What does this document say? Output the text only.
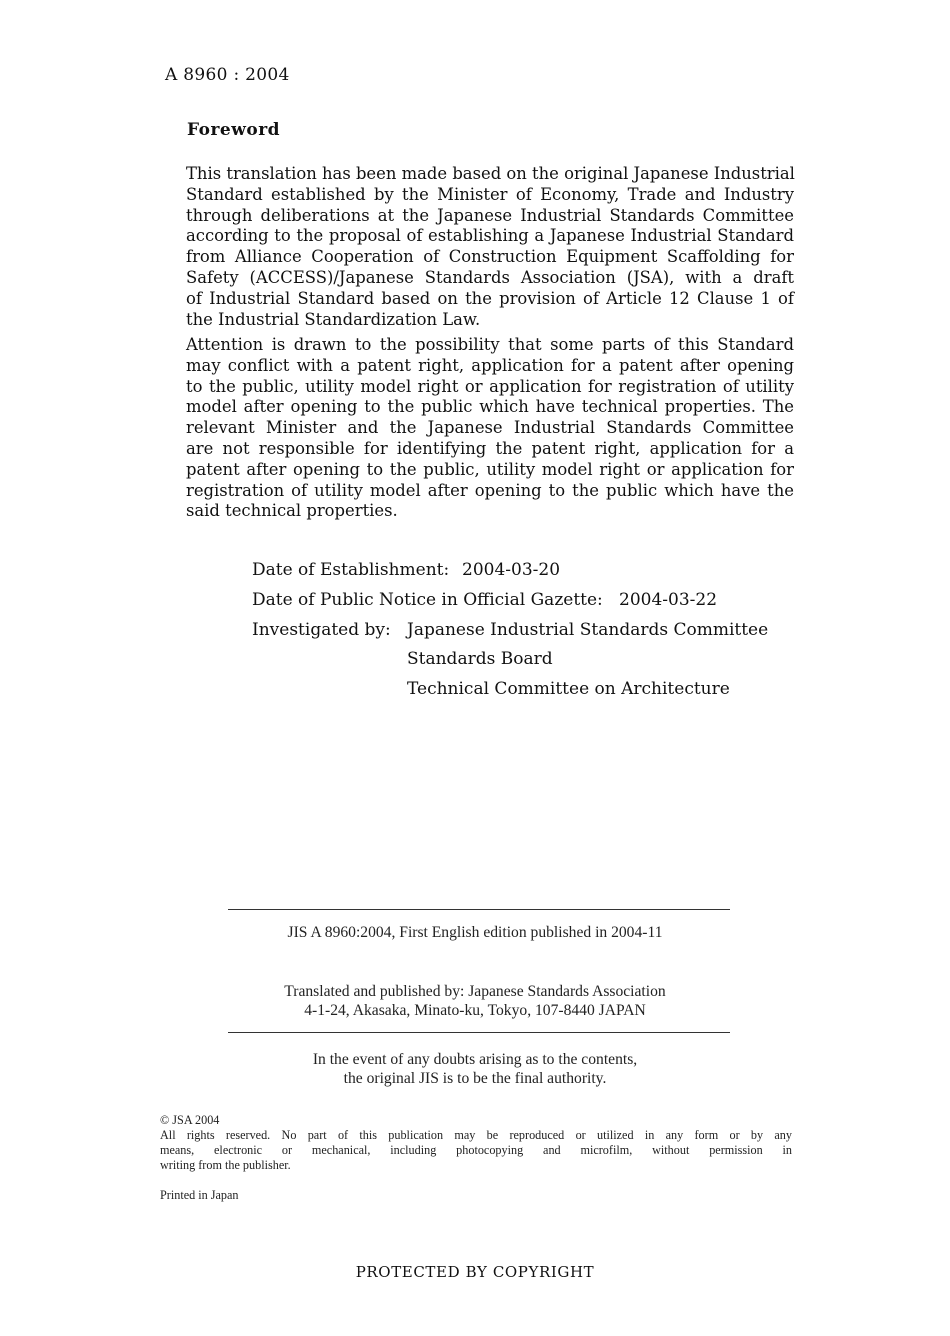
A 8960 : 2004
Foreword
This translation has been made based on the original Japanese Industrial
Standard established by the Minister of Economy, Trade and Industry
through deliberations at the Japanese Industrial Standards Committee
according to the proposal of establishing a Japanese Industrial Standard
from Alliance Cooperation of Construction Equipment Scaffolding for
Safety (ACCESS)/Japanese Standards Association (JSA), with a draft
of Industrial Standard based on the provision of Article 12 Clause 1 of
the Industrial Standardization Law.
Attention is drawn to the possibility that some parts of this Standard
may conflict with a patent right, application for a patent after opening
to the public, utility model right or application for registration of utility
model after opening to the public which have technical properties. The
relevant Minister and the Japanese Industrial Standards Committee
are not responsible for identifying the patent right, application for a
patent after opening to the public, utility model right or application for
registration of utility model after opening to the public which have the
said technical properties.
Date of Establishment: 2004-03-20
Date of Public Notice in Official Gazette: 2004-03-22
Investigated by: Japanese Industrial Standards Committee
Standards Board
Technical Committee on Architecture
JIS A 8960:2004, First English edition published in 2004-11
Translated and published by: Japanese Standards Association
4-1-24, Akasaka, Minato-ku, Tokyo, 107-8440 JAPAN
In the event of any doubts arising as to the contents,
the original JIS is to be the final authority.
© JSA 2004
All rights reserved. No part of this publication may be reproduced or utilized in any form or by any
means, electronic or mechanical, including photocopying and microfilm, without permission in
writing from the publisher.
Printed in Japan
PROTECTED BY COPYRIGHT
